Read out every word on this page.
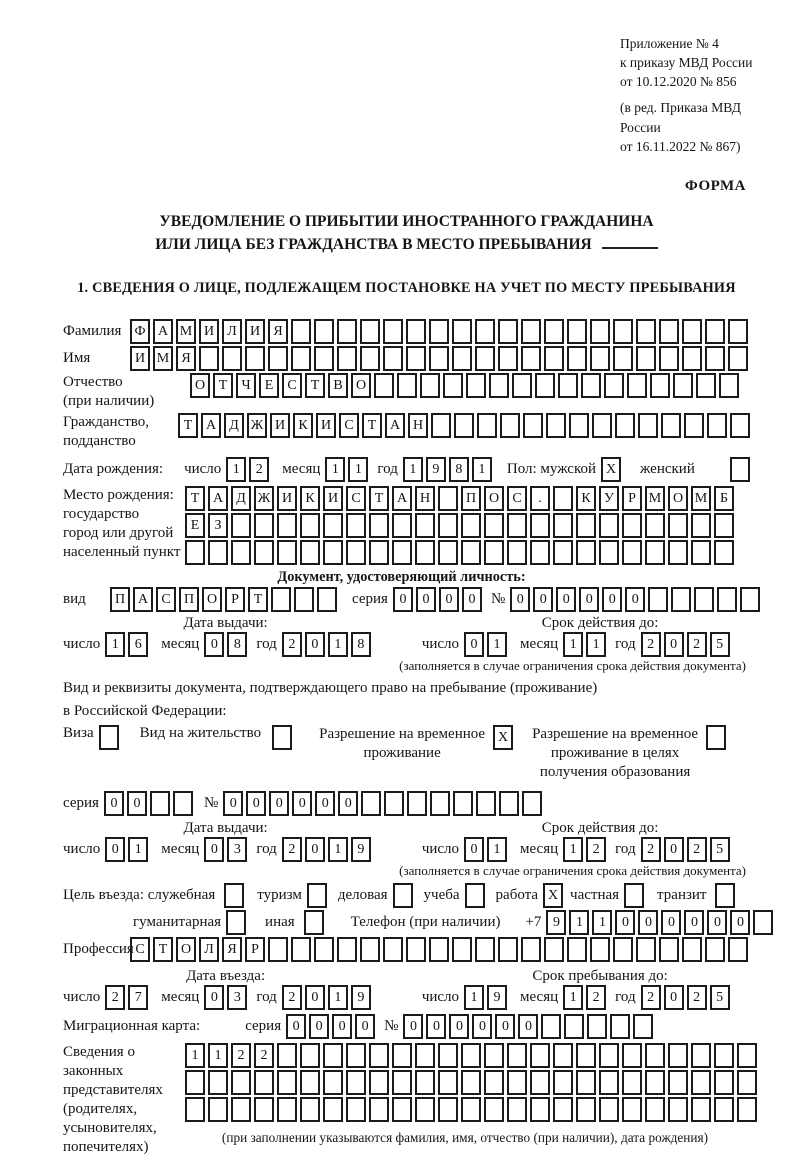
Приложение № 4
к приказу МВД России
от 10.12.2020 № 856
(в ред. Приказа МВД России
от 16.11.2022 № 867)
ФОРМА
УВЕДОМЛЕНИЕ О ПРИБЫТИИ ИНОСТРАННОГО ГРАЖДАНИНА
ИЛИ ЛИЦА БЕЗ ГРАЖДАНСТВА В МЕСТО ПРЕБЫВАНИЯ
1. СВЕДЕНИЯ О ЛИЦЕ, ПОДЛЕЖАЩЕМ ПОСТАНОВКЕ НА УЧЕТ ПО МЕСТУ ПРЕБЫВАНИЯ
Фамилия Ф А М И Л И Я
Имя	И М Я
Отчество
(при наличии)
О Т	Ч	Е	С	Т	В О
Гражданство,
подданство
Т А Д Ж И К И С	Т А Н
Дата рождения: число 1	2	месяц 1	1	год 1	9	8	1	Пол: мужской X	женский
Место рождения:
государство
город или другой
населенный пункт
Т А Д Ж И К И С	Т А Н	П О С	.	К У	Р М О М Б
Е	З
Документ, удостоверяющий личность:
вид	П А С П О	Р	Т	серия 0	0	0	0	№ 0	0	0	0	0	0
Дата выдачи:	Срок действия до:
число 1	6	месяц 0	8	год 2	0	1	8	число 0	1	месяц 1	1	год 2	0	2	5
(заполняется в случае ограничения срока действия документа)
Вид и реквизиты документа, подтверждающего право на пребывание (проживание)
в Российской Федерации:
Виза	Вид на жительство	Разрешение на временное
проживание
X	Разрешение на временное
проживание в целях
получения образования
серия 0	0	№ 0	0	0	0	0	0
Дата выдачи:	Срок действия до:
число 0	1	месяц 0	3	год 2	0	1	9	число 0	1	месяц 1	2	год 2	0	2	5
(заполняется в случае ограничения срока действия документа)
Цель въезда: служебная	туризм деловая учеба работа X частная	транзит
гуманитарная	иная	Телефон (при наличии) +7 9	1	1	0	0	0	0	0	0
Профессия С	Т О Л Я	Р
Дата въезда:	Срок пребывания до:
число 2	7	месяц 0	3	год 2	0	1	9	число 1	9	месяц 1	2	год 2	0	2	5
Миграционная карта:	серия 0	0	0	0	№ 0	0	0	0	0	0
Сведения о
законных
представителях
(родителях,
усыновителях,
попечителях)
1	1	2	2
(при заполнении указываются фамилия, имя, отчество (при наличии), дата рождения)
